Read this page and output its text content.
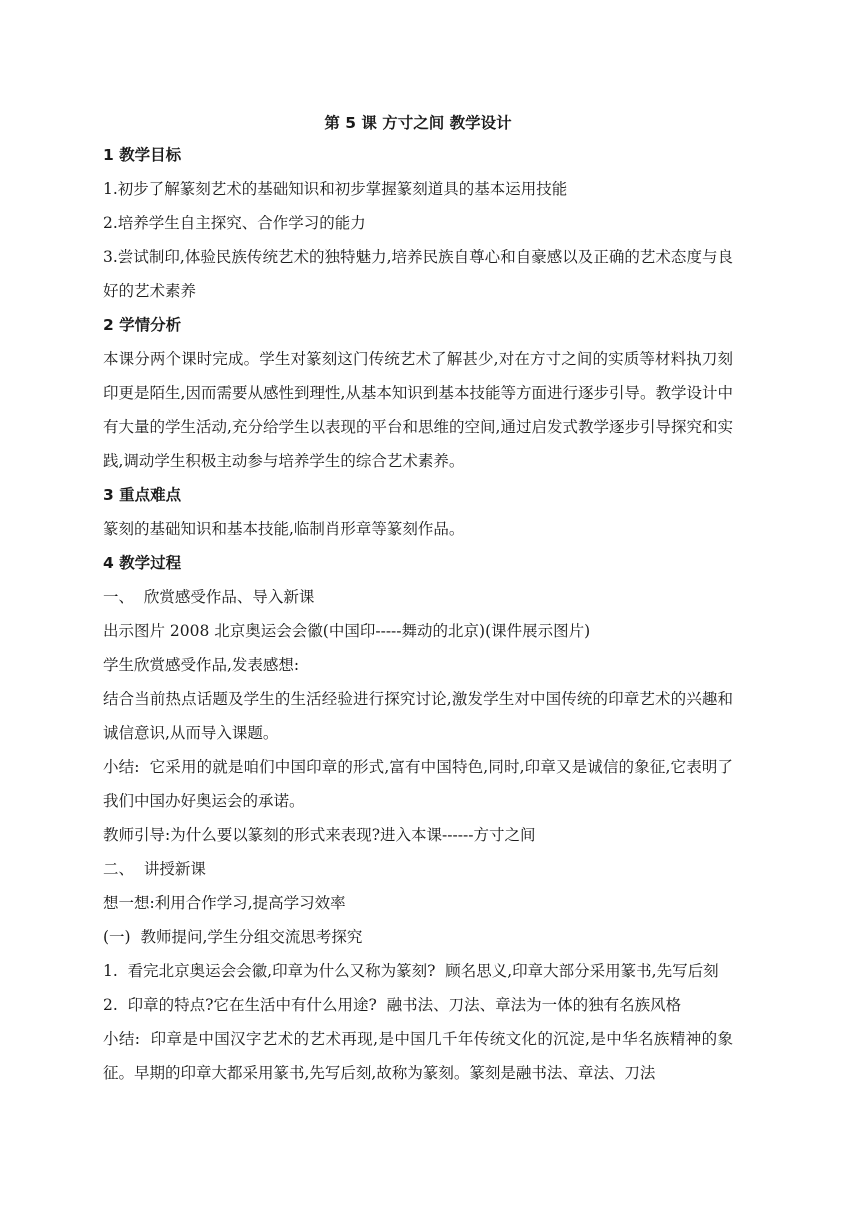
第 5 课 方寸之间 教学设计
1 教学目标

1.初步了解篆刻艺术的基础知识和初步掌握篆刻道具的基本运用技能

2.培养学生自主探究、合作学习的能力

3.尝试制印,体验民族传统艺术的独特魅力,培养民族自尊心和自豪感以及正确的艺术态度与良好的艺术素养

2 学情分析

本课分两个课时完成。学生对篆刻这门传统艺术了解甚少,对在方寸之间的实质等材料执刀刻印更是陌生,因而需要从感性到理性,从基本知识到基本技能等方面进行逐步引导。教学设计中有大量的学生活动,充分给学生以表现的平台和思维的空间,通过启发式教学逐步引导探究和实践,调动学生积极主动参与培养学生的综合艺术素养。

3 重点难点

篆刻的基础知识和基本技能,临制肖形章等篆刻作品。

4 教学过程

一、  欣赏感受作品、导入新课

出示图片 2008 北京奥运会会徽(中国印-----舞动的北京)(课件展示图片)

学生欣赏感受作品,发表感想:

结合当前热点话题及学生的生活经验进行探究讨论,激发学生对中国传统的印章艺术的兴趣和诚信意识,从而导入课题。

小结:  它采用的就是咱们中国印章的形式,富有中国特色,同时,印章又是诚信的象征,它表明了我们中国办好奥运会的承诺。

教师引导:为什么要以篆刻的形式来表现?进入本课------方寸之间

二、  讲授新课

想一想:利用合作学习,提高学习效率

(一)  教师提问,学生分组交流思考探究

1.  看完北京奥运会会徽,印章为什么又称为篆刻?  顾名思义,印章大部分采用篆书,先写后刻

2.  印章的特点?它在生活中有什么用途?  融书法、刀法、章法为一体的独有名族风格

小结:  印章是中国汉字艺术的艺术再现,是中国几千年传统文化的沉淀,是中华名族精神的象征。早期的印章大都采用篆书,先写后刻,故称为篆刻。篆刻是融书法、章法、刀法
